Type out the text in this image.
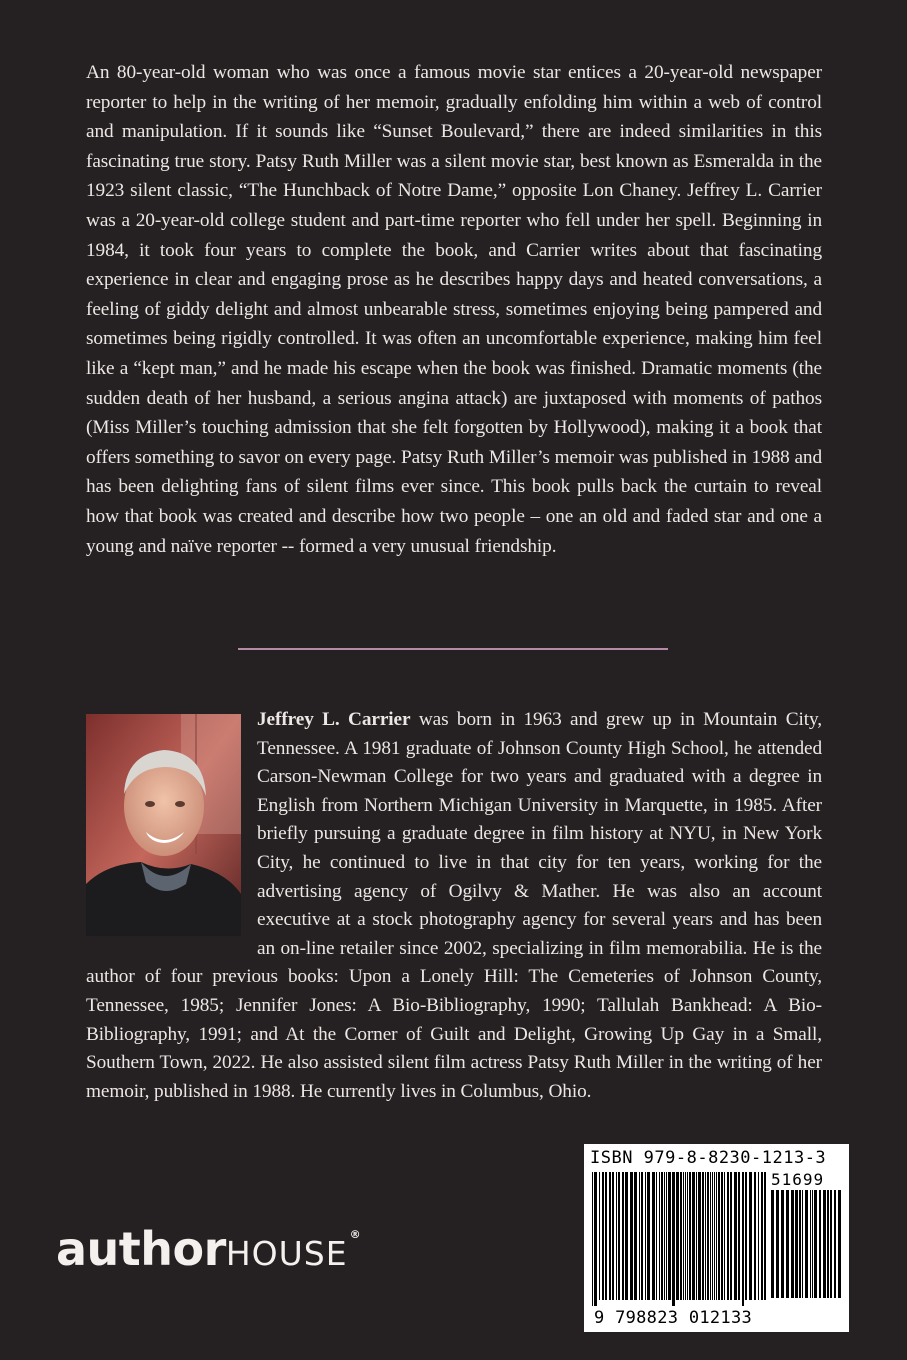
An 80-year-old woman who was once a famous movie star entices a 20-year-old newspaper reporter to help in the writing of her memoir, gradually enfolding him within a web of control and manipulation. If it sounds like “Sunset Boulevard,” there are indeed similarities in this fascinating true story. Patsy Ruth Miller was a silent movie star, best known as Esmeralda in the 1923 silent classic, “The Hunchback of Notre Dame,” opposite Lon Chaney. Jeffrey L. Carrier was a 20-year-old college student and part-time reporter who fell under her spell. Beginning in 1984, it took four years to complete the book, and Carrier writes about that fascinating experience in clear and engaging prose as he describes happy days and heated conversations, a feeling of giddy delight and almost unbearable stress, sometimes enjoying being pampered and sometimes being rigidly controlled. It was often an uncomfortable experience, making him feel like a “kept man,” and he made his escape when the book was finished. Dramatic moments (the sudden death of her husband, a serious angina attack) are juxtaposed with moments of pathos (Miss Miller’s touching admission that she felt forgotten by Hollywood), making it a book that offers something to savor on every page. Patsy Ruth Miller’s memoir was published in 1988 and has been delighting fans of silent films ever since. This book pulls back the curtain to reveal how that book was created and describe how two people – one an old and faded star and one a young and naïve reporter -- formed a very unusual friendship.
Jeffrey L. Carrier was born in 1963 and grew up in Mountain City, Tennessee. A 1981 graduate of Johnson County High School, he attended Carson-Newman College for two years and graduated with a degree in English from Northern Michigan University in Marquette, in 1985. After briefly pursuing a graduate degree in film history at NYU, in New York City, he continued to live in that city for ten years, working for the advertising agency of Ogilvy & Mather. He was also an account executive at a stock photography agency for several years and has been an on-line retailer since 2002, specializing in film memorabilia. He is the author of four previous books: Upon a Lonely Hill: The Cemeteries of Johnson County, Tennessee, 1985; Jennifer Jones: A Bio-Bibliography, 1990; Tallulah Bankhead: A Bio-Bibliography, 1991; and At the Corner of Guilt and Delight, Growing Up Gay in a Small, Southern Town, 2022. He also assisted silent film actress Patsy Ruth Miller in the writing of her memoir, published in 1988. He currently lives in Columbus, Ohio.
authorHOUSE ®
ISBN 979-8-8230-1213-3
51699
9 798823 012133
